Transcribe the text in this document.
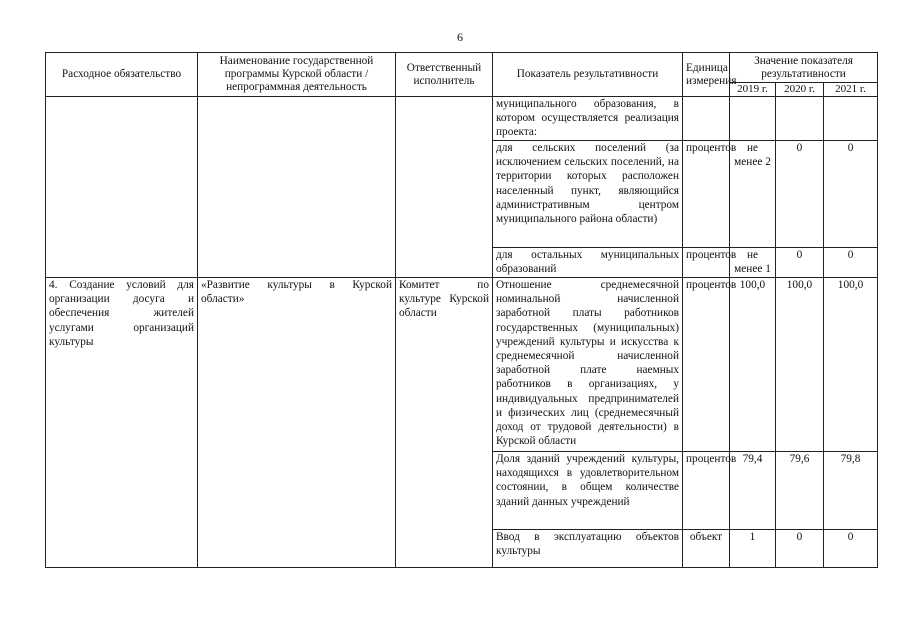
6
Расходное обязательство	Наименование государственной программы Курской области / непрограммная деятельность	Ответственный исполнитель	Показатель результативности	Единица измерения	Значение показателя результативности		
					2019 г.	2020 г.	2021 г.
			муниципального образования, в котором осуществляется реализация проекта:				
			для сельских поселений (за исключением сельских поселений, на территории которых расположен населенный пункт, являющийся административным центром муниципального района области)	процентов	не менее 2	0	0
			для остальных муниципальных образований	процентов	не менее 1	0	0
4. Создание условий для организации досуга и обеспечения жителей услугами организаций культуры	«Развитие культуры в Курской области»	Комитет по культуре Курской области	Отношение среднемесячной номинальной начисленной заработной платы работников государственных (муниципальных) учреждений культуры и искусства к среднемесячной начисленной заработной плате наемных работников в организациях, у индивидуальных предпринимателей и физических лиц (среднемесячный доход от трудовой деятельности) в Курской области	процентов	100,0	100,0	100,0
			Доля зданий учреждений культуры, находящихся в удовлетворительном состоянии, в общем количестве зданий данных учреждений	процентов	79,4	79,6	79,8
			Ввод в эксплуатацию объектов культуры	объект	1	0	0
